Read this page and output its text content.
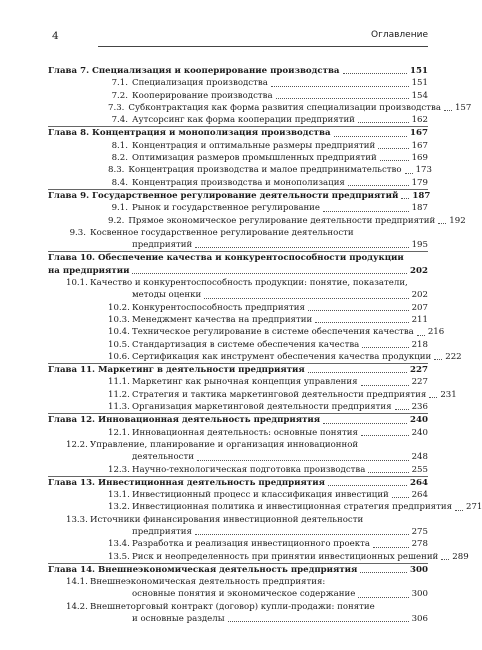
4	Оглавление
Глава 7. Специализация и кооперирование производства	151
7.1. Специализация производства	151
7.2. Кооперирование производства	154
7.3. Субконтрактация как форма развития специализации производства 157
7.4. Аутсорсинг как форма кооперации предприятий	162
Глава 8. Концентрация и монополизация производства	167
8.1. Концентрация и оптимальные размеры предприятий	167
8.2. Оптимизация размеров промышленных предприятий	169
8.3. Концентрация производства и малое предпринимательство 173
8.4. Концентрация производства и монополизация	179
Глава 9. Государственное регулирование деятельности предприятий 187
9.1. Рынок и государственное регулирование	187
9.2. Прямое экономическое регулирование деятельности предприятий 192
9.3. Косвенное государственное регулирование деятельности
предприятий	195
Глава 10. Обеспечение качества и конкурентоспособности продукции
на предприятии	202
10.1. Качество и конкурентоспособность продукции: понятие, показатели,
методы оценки	202
10.2. Конкурентоспособность предприятия	207
10.3. Менеджмент качества на предприятии	211
10.4. Техническое регулирование в системе обеспечения качества 216
10.5. Стандартизация в системе обеспечения качества	218
10.6. Сертификация как инструмент обеспечения качества продукции 222
Глава 11. Маркетинг в деятельности предприятия	227
11.1. Маркетинг как рыночная концепция управления	227
11.2. Стратегия и тактика маркетинговой деятельности предприятия 231
11.3. Организация маркетинговой деятельности предприятия 236
Глава 12. Инновационная деятельность предприятия	240
12.1. Инновационная деятельность: основные понятия	240
12.2. Управление, планирование и организация инновационной
деятельности	248
12.3. Научно-технологическая подготовка производства	255
Глава 13. Инвестиционная деятельность предприятия	264
13.1. Инвестиционный процесс и классификация инвестиций	264
13.2. Инвестиционная политика и инвестиционная стратегия предприятия 271
13.3. Источники финансирования инвестиционной деятельности
предприятия	275
13.4. Разработка и реализация инвестиционного проекта	278
13.5. Риск и неопределенность при принятии инвестиционных решений 289
Глава 14. Внешнеэкономическая деятельность предприятия	300
14.1. Внешнеэкономическая деятельность предприятия:
основные понятия и экономическое содержание	300
14.2. Внешнеторговый контракт (договор) купли-продажи: понятие
и основные разделы	306
